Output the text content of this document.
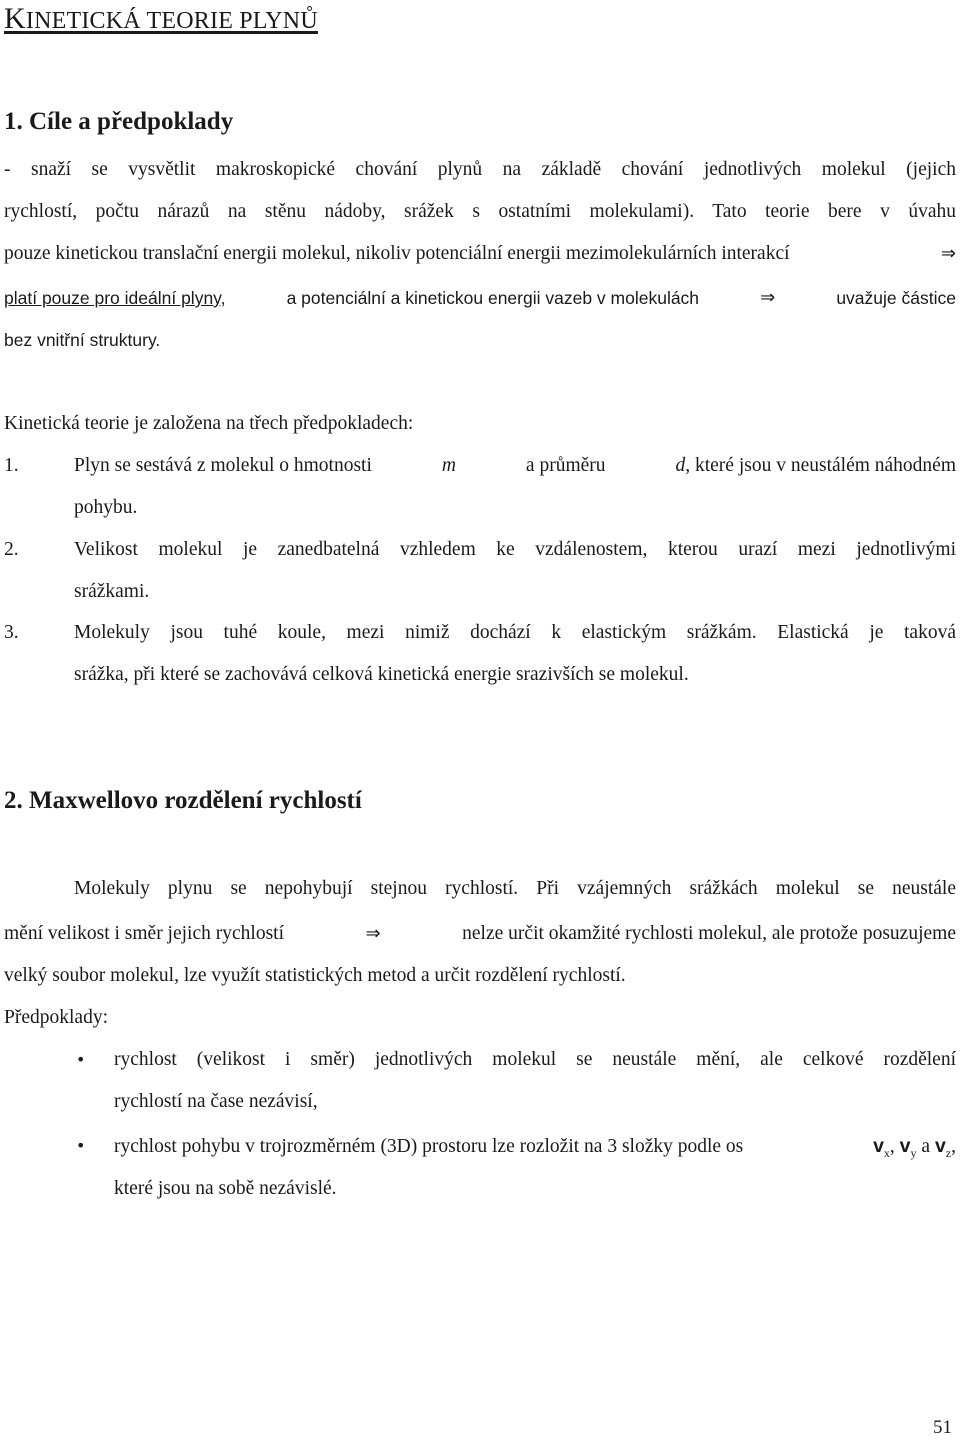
KINETICKÁ TEORIE PLYNŮ
1. Cíle a předpoklady
- snaží se vysvětlit makroskopické chování plynů na základě chování jednotlivých molekul (jejich
rychlostí, počtu nárazů na stěnu nádoby, srážek s ostatními molekulami). Tato teorie bere v úvahu
pouze kinetickou translační energii molekul, nikoliv potenciální energii mezimolekulárních interakcí	⇒
platí pouze pro ideální plyny,	a potenciální a kinetickou energii vazeb v molekulách	⇒	uvažuje částice
bez vnitřní struktury.
Kinetická teorie je založena na třech předpokladech:
1.	Plyn se sestává z molekul o hmotnosti	m	a průměru	d, které jsou v neustálém náhodném
pohybu.
2.	Velikost molekul je zanedbatelná vzhledem ke vzdálenostem, kterou urazí mezi jednotlivými
srážkami.
3.	Molekuly jsou tuhé koule, mezi nimiž dochází k elastickým srážkám. Elastická je taková
srážka, při které se zachovává celková kinetická energie srazivších se molekul.
2. Maxwellovo rozdělení rychlostí
Molekuly plynu se nepohybují stejnou rychlostí. Při vzájemných srážkách molekul se neustále
mění velikost i směr jejich rychlostí	⇒	nelze určit okamžité rychlosti molekul, ale protože posuzujeme
velký soubor molekul, lze využít statistických metod a určit rozdělení rychlostí.
Předpoklady:
• rychlost (velikost i směr) jednotlivých molekul se neustále mění, ale celkové rozdělení
rychlostí na čase nezávisí,
• rychlost pohybu v trojrozměrném (3D) prostoru lze rozložit na 3 složky podle os	$v_x$, $v_y$ a $v_z$,
které jsou na sobě nezávislé.
51
